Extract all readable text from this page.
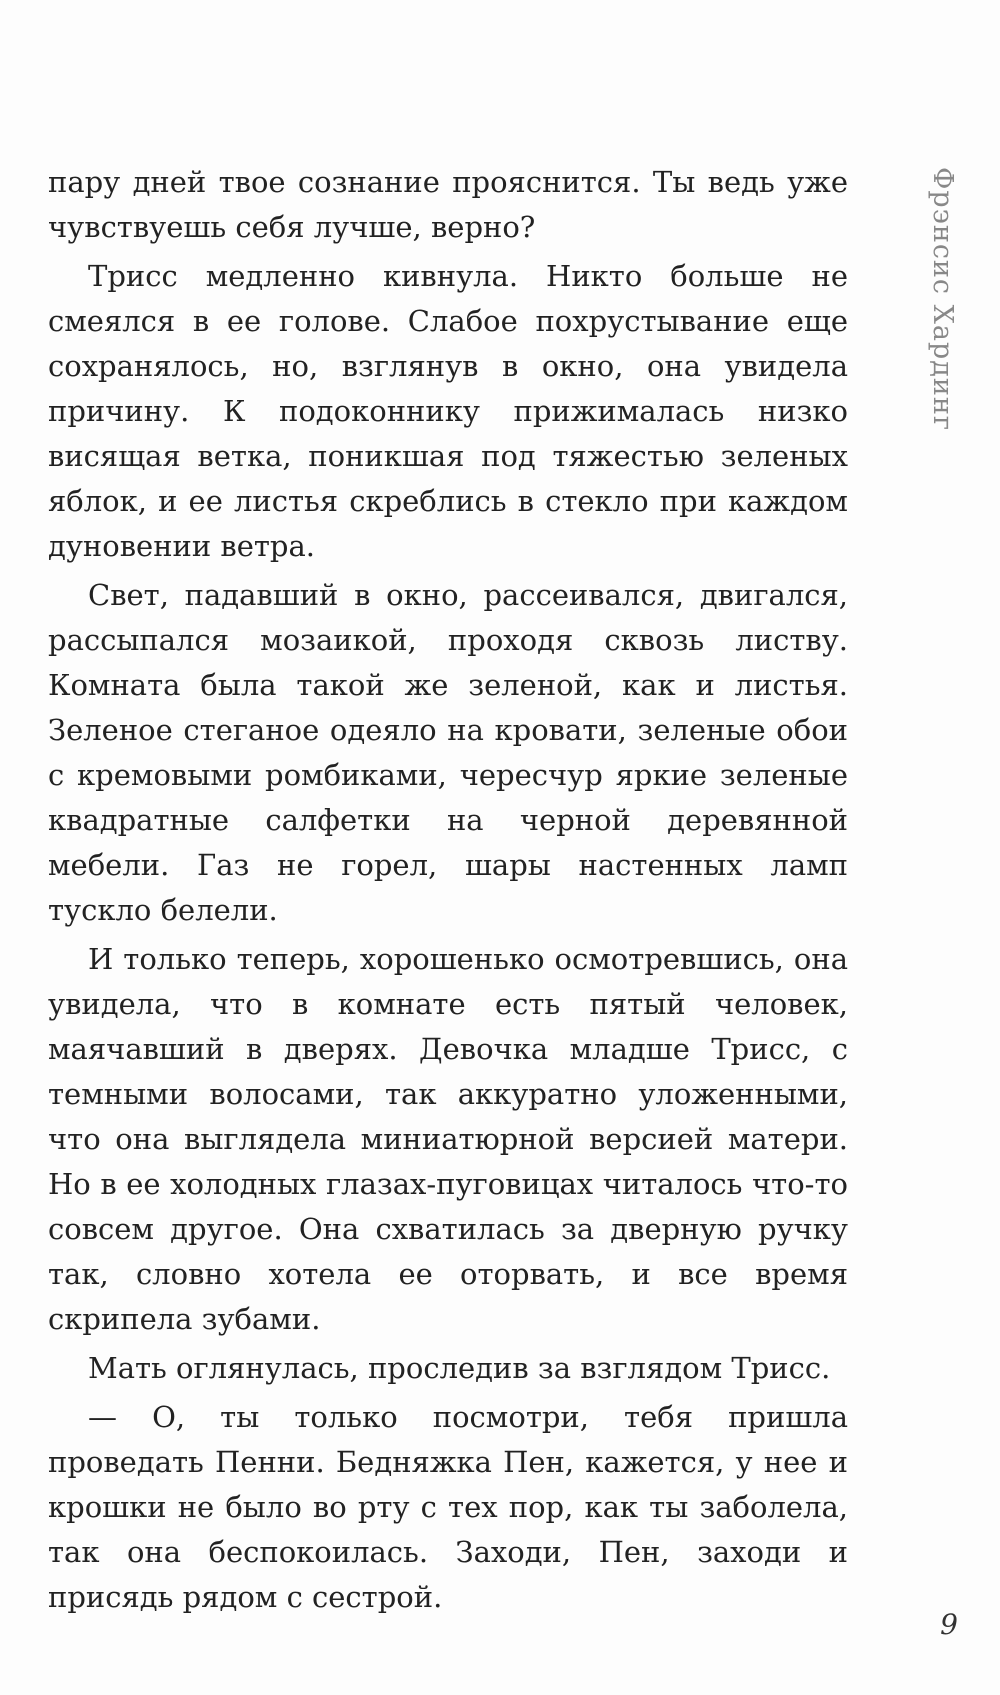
пару дней твое сознание прояснится. Ты ведь уже чувствуешь себя лучше, верно?

Трисс медленно кивнула. Никто больше не смеялся в ее голове. Слабое похрустывание еще сохранялось, но, взглянув в окно, она увидела причину. К подоконнику прижималась низко висящая ветка, поникшая под тяжестью зеленых яблок, и ее листья скреблись в стекло при каждом дуновении ветра.

Свет, падавший в окно, рассеивался, двигался, рассыпался мозаикой, проходя сквозь листву. Комната была такой же зеленой, как и листья. Зеленое стеганое одеяло на кровати, зеленые обои с кремовыми ромбиками, чересчур яркие зеленые квадратные салфетки на черной деревянной мебели. Газ не горел, шары настенных ламп тускло белели.

И только теперь, хорошенько осмотревшись, она увидела, что в комнате есть пятый человек, маячавший в дверях. Девочка младше Трисс, с темными волосами, так аккуратно уложенными, что она выглядела миниатюрной версией матери. Но в ее холодных глазах-пуговицах читалось что-то совсем другое. Она схватилась за дверную ручку так, словно хотела ее оторвать, и все время скрипела зубами.

Мать оглянулась, проследив за взглядом Трисс.

— О, ты только посмотри, тебя пришла проведать Пенни. Бедняжка Пен, кажется, у нее и крошки не было во рту с тех пор, как ты заболела, так она беспокоилась. Заходи, Пен, заходи и присядь рядом с сестрой.

Фрэнсис Хардинг
9
